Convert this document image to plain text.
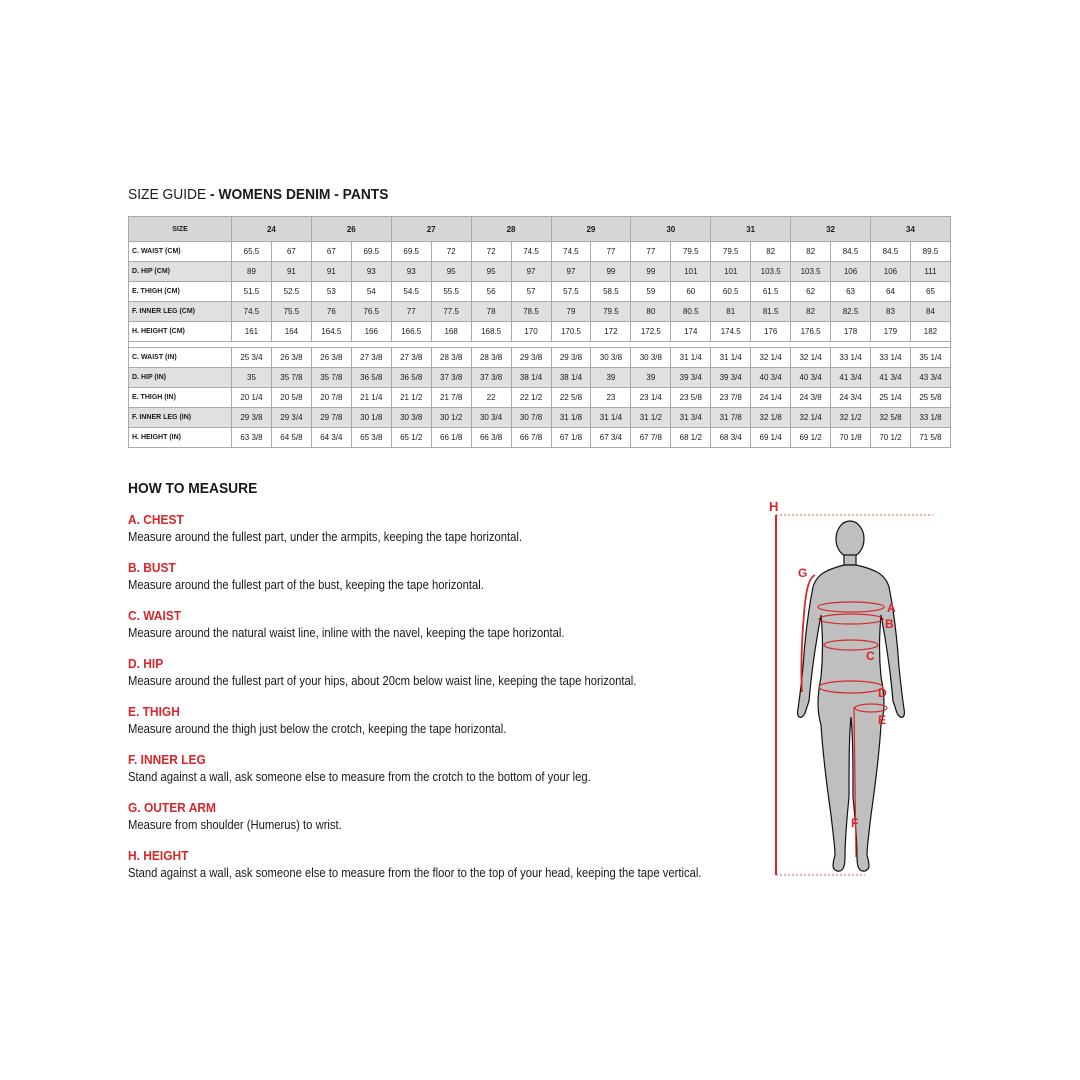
SIZE GUIDE - WOMENS DENIM - PANTS
SIZE	24		26		27		28		29		30		31		32		34	
C. WAIST (CM)	65.5	67	67	69.5	69.5	72	72	74.5	74.5	77	77	79.5	79.5	82	82	84.5	84.5	89.5
D. HIP (CM)	89	91	91	93	93	95	95	97	97	99	99	101	101	103.5	103.5	106	106	111
E. THIGH (CM)	51.5	52.5	53	54	54.5	55.5	56	57	57.5	58.5	59	60	60.5	61.5	62	63	64	65
F. INNER LEG (CM)	74.5	75.5	76	76.5	77	77.5	78	78.5	79	79.5	80	80.5	81	81.5	82	82.5	83	84
H. HEIGHT (CM)	161	164	164.5	166	166.5	168	168.5	170	170.5	172	172.5	174	174.5	176	176.5	178	179	182

C. WAIST (IN)	25 3/4	26 3/8	26 3/8	27 3/8	27 3/8	28 3/8	28 3/8	29 3/8	29 3/8	30 3/8	30 3/8	31 1/4	31 1/4	32 1/4	32 1/4	33 1/4	33 1/4	35 1/4
D. HIP (IN)	35	35 7/8	35 7/8	36 5/8	36 5/8	37 3/8	37 3/8	38 1/4	38 1/4	39	39	39 3/4	39 3/4	40 3/4	40 3/4	41 3/4	41 3/4	43 3/4
E. THIGH (IN)	20 1/4	20 5/8	20 7/8	21 1/4	21 1/2	21 7/8	22	22 1/2	22 5/8	23	23 1/4	23 5/8	23 7/8	24 1/4	24 3/8	24 3/4	25 1/4	25 5/8
F. INNER LEG (IN)	29 3/8	29 3/4	29 7/8	30 1/8	30 3/8	30 1/2	30 3/4	30 7/8	31 1/8	31 1/4	31 1/2	31 3/4	31 7/8	32 1/8	32 1/4	32 1/2	32 5/8	33 1/8
H. HEIGHT (IN)	63 3/8	64 5/8	64 3/4	65 3/8	65 1/2	66 1/8	66 3/8	66 7/8	67 1/8	67 3/4	67 7/8	68 1/2	68 3/4	69 1/4	69 1/2	70 1/8	70 1/2	71 5/8
HOW TO MEASURE
A. CHEST
Measure around the fullest part, under the armpits, keeping the tape horizontal.
B. BUST
Measure around the fullest part of the bust, keeping the tape horizontal.
C. WAIST
Measure around the natural waist line, inline with the navel, keeping the tape horizontal.
D. HIP
Measure around the fullest part of your hips, about 20cm below waist line, keeping the tape horizontal.
E. THIGH
Measure around the thigh just below the crotch, keeping the tape horizontal.
F. INNER LEG
Stand against a wall, ask someone else to measure from the crotch to the bottom of your leg.
G. OUTER ARM
Measure from shoulder (Humerus) to wrist.
H. HEIGHT
Stand against a wall, ask someone else to measure from the floor to the top of your head, keeping the tape vertical.
H
G
A
B
C
D
E
F
